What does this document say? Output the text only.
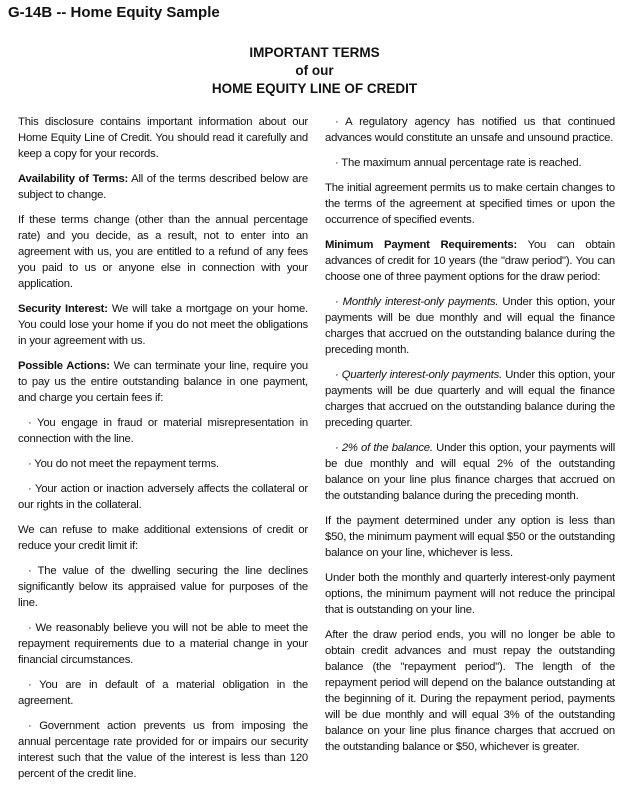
G-14B -- Home Equity Sample
IMPORTANT TERMS
of our
HOME EQUITY LINE OF CREDIT

This disclosure contains important information about our Home Equity Line of Credit. You should read it carefully and keep a copy for your records.

Availability of Terms: All of the terms described below are subject to change.

If these terms change (other than the annual percentage rate) and you decide, as a result, not to enter into an agreement with us, you are entitled to a refund of any fees you paid to us or anyone else in connection with your application.

Security Interest: We will take a mortgage on your home. You could lose your home if you do not meet the obligations in your agreement with us.

Possible Actions: We can terminate your line, require you to pay us the entire outstanding balance in one payment, and charge you certain fees if:

· You engage in fraud or material misrepresentation in connection with the line.

· You do not meet the repayment terms.

· Your action or inaction adversely affects the collateral or our rights in the collateral.

We can refuse to make additional extensions of credit or reduce your credit limit if:

· The value of the dwelling securing the line declines significantly below its appraised value for purposes of the line.

· We reasonably believe you will not be able to meet the repayment requirements due to a material change in your financial circumstances.

· You are in default of a material obligation in the agreement.

· Government action prevents us from imposing the annual percentage rate provided for or impairs our security interest such that the value of the interest is less than 120 percent of the credit line.

· A regulatory agency has notified us that continued advances would constitute an unsafe and unsound practice.

· The maximum annual percentage rate is reached.

The initial agreement permits us to make certain changes to the terms of the agreement at specified times or upon the occurrence of specified events.

Minimum Payment Requirements: You can obtain advances of credit for 10 years (the "draw period"). You can choose one of three payment options for the draw period:

· Monthly interest-only payments. Under this option, your payments will be due monthly and will equal the finance charges that accrued on the outstanding balance during the preceding month.

· Quarterly interest-only payments. Under this option, your payments will be due quarterly and will equal the finance charges that accrued on the outstanding balance during the preceding quarter.

· 2% of the balance. Under this option, your payments will be due monthly and will equal 2% of the outstanding balance on your line plus finance charges that accrued on the outstanding balance during the preceding month.

If the payment determined under any option is less than $50, the minimum payment will equal $50 or the outstanding balance on your line, whichever is less.

Under both the monthly and quarterly interest-only payment options, the minimum payment will not reduce the principal that is outstanding on your line.

After the draw period ends, you will no longer be able to obtain credit advances and must repay the outstanding balance (the "repayment period"). The length of the repayment period will depend on the balance outstanding at the beginning of it. During the repayment period, payments will be due monthly and will equal 3% of the outstanding balance on your line plus finance charges that accrued on the outstanding balance or $50, whichever is greater.
